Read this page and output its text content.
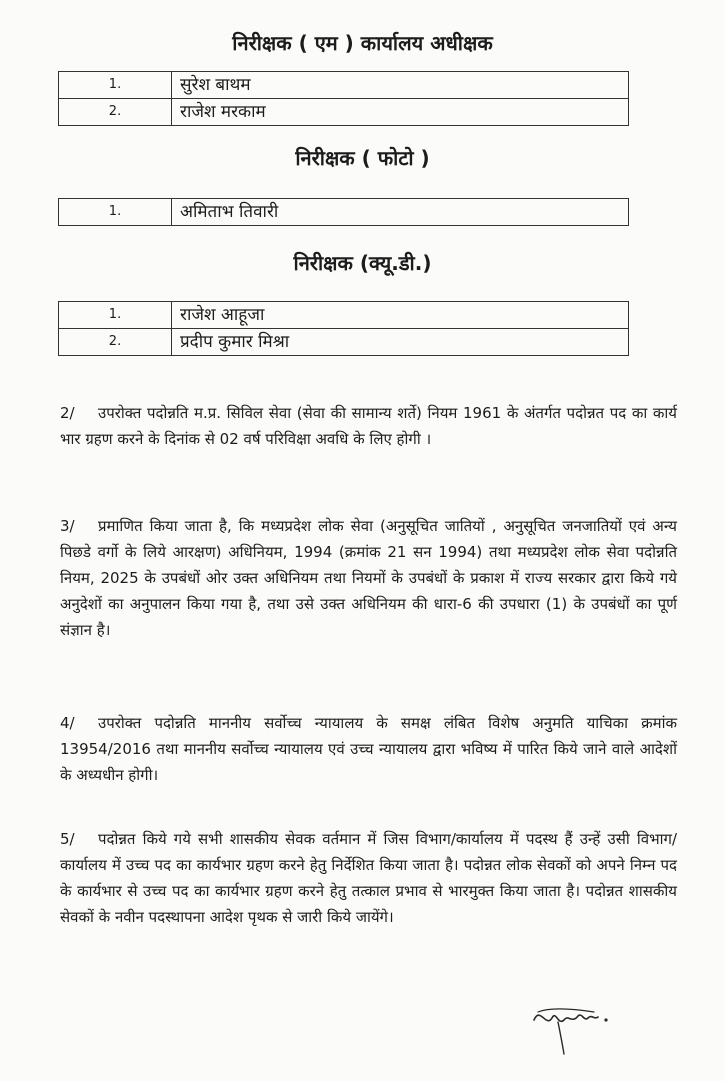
निरीक्षक ( एम ) कार्यालय अधीक्षक
1.	सुरेश बाथम
2.	राजेश मरकाम
निरीक्षक ( फोटो )
1.	अमिताभ तिवारी
निरीक्षक (क्यू.डी.)
1.	राजेश आहूजा
2.	प्रदीप कुमार मिश्रा

2/ उपरोक्त पदोन्नति म.प्र. सिविल सेवा (सेवा की सामान्य शर्ते) नियम 1961 के अंतर्गत पदोन्नत पद का कार्य भार ग्रहण करने के दिनांक से 02 वर्ष परिविक्षा अवधि के लिए होगी ।

3/ प्रमाणित किया जाता है, कि मध्यप्रदेश लोक सेवा (अनुसूचित जातियों , अनुसूचित जनजातियों एवं अन्य पिछडे वर्गो के लिये आरक्षण) अधिनियम, 1994 (क्रमांक 21 सन 1994) तथा मध्यप्रदेश लोक सेवा पदोन्नति नियम, 2025 के उपबंधों ओर उक्त अधिनियम तथा नियमों के उपबंधों के प्रकाश में राज्य सरकार द्वारा किये गये अनुदेशों का अनुपालन किया गया है, तथा उसे उक्त अधिनियम की धारा-6 की उपधारा (1) के उपबंधों का पूर्ण संज्ञान है।

4/ उपरोक्त पदोन्नति माननीय सर्वोच्च न्यायालय के समक्ष लंबित विशेष अनुमति याचिका क्रमांक 13954/2016 तथा माननीय सर्वोच्च न्यायालय एवं उच्च न्यायालय द्वारा भविष्य में पारित किये जाने वाले आदेशों के अध्यधीन होगी।

5/ पदोन्नत किये गये सभी शासकीय सेवक वर्तमान में जिस विभाग/कार्यालय में पदस्थ हैं उन्हें उसी विभाग/कार्यालय में उच्च पद का कार्यभार ग्रहण करने हेतु निर्देशित किया जाता है। पदोन्नत लोक सेवकों को अपने निम्न पद के कार्यभार से उच्च पद का कार्यभार ग्रहण करने हेतु तत्काल प्रभाव से भारमुक्त किया जाता है। पदोन्नत शासकीय सेवकों के नवीन पदस्थापना आदेश पृथक से जारी किये जायेंगे।
